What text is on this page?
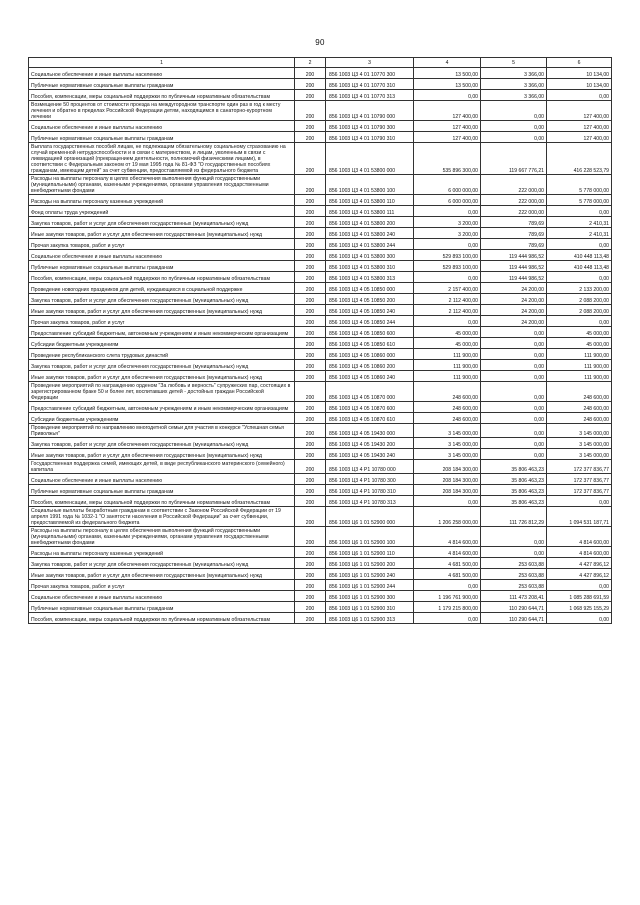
90
1	2	3	4	5	6
Социальное обеспечение и иные выплаты населению	200	856 1003 Ц3 4 01 10770 300	13 500,00	3 366,00	10 134,00
Публичные нормативные социальные выплаты гражданам	200	856 1003 Ц3 4 01 10770 310	13 500,00	3 366,00	10 134,00
Пособия, компенсации, меры социальной поддержки по публичным нормативным обязательствам	200	856 1003 Ц3 4 01 10770 313	0,00	3 366,00	0,00
Возмещение 50 процентов от стоимости проезда на междугородном транспорте один раз в год к месту лечения и обратно в пределах Российской Федерации детям, находящимся в санаторно-курортном лечении	200	856 1003 Ц3 4 01 10790 000	127 400,00	0,00	127 400,00
Социальное обеспечение и иные выплаты населению	200	856 1003 Ц3 4 01 10790 300	127 400,00	0,00	127 400,00
Публичные нормативные социальные выплаты гражданам	200	856 1003 Ц3 4 01 10790 310	127 400,00	0,00	127 400,00
Выплата государственных пособий лицам, не подлежащим обязательному социальному страхованию на случай временной нетрудоспособности и в связи с материнством, и лицам, уволенным в связи с ликвидацией организаций (прекращением деятельности, полномочий физическими лицами), в соответствии с Федеральным законом от 19 мая 1995 года № 81-ФЗ "О государственных пособиях гражданам, имеющим детей" за счет субвенции, предоставляемой из федерального бюджета	200	856 1003 Ц3 4 01 53800 000	535 896 300,00	119 667 776,21	416 228 523,79
Расходы на выплаты персоналу в целях обеспечения выполнения функций государственными (муниципальными) органами, казенными учреждениями, органами управления государственными внебюджетными фондами	200	856 1003 Ц3 4 01 53800 100	6 000 000,00	222 000,00	5 778 000,00
Расходы на выплаты персоналу казенных учреждений	200	856 1003 Ц3 4 01 53800 110	6 000 000,00	222 000,00	5 778 000,00
Фонд оплаты труда учреждений	200	856 1003 Ц3 4 01 53800 111	0,00	222 000,00	0,00
Закупка товаров, работ и услуг для обеспечения государственных (муниципальных) нужд	200	856 1003 Ц3 4 01 53800 200	3 200,00	789,69	2 410,31
Иные закупки товаров, работ и услуг для обеспечения государственных (муниципальных) нужд	200	856 1003 Ц3 4 01 53800 240	3 200,00	789,69	2 410,31
Прочая закупка товаров, работ и услуг	200	856 1003 Ц3 4 01 53800 244	0,00	789,69	0,00
Социальное обеспечение и иные выплаты населению	200	856 1003 Ц3 4 01 53800 300	529 893 100,00	119 444 986,52	410 448 113,48
Публичные нормативные социальные выплаты гражданам	200	856 1003 Ц3 4 01 53800 310	529 893 100,00	119 444 986,52	410 448 113,48
Пособия, компенсации, меры социальной поддержки по публичным нормативным обязательствам	200	856 1003 Ц3 4 01 53800 313	0,00	119 444 986,52	0,00
Проведение новогодних праздников для детей, нуждающихся в социальной поддержке	200	856 1003 Ц3 4 05 10850 000	2 157 400,00	24 200,00	2 133 200,00
Закупка товаров, работ и услуг для обеспечения государственных (муниципальных) нужд	200	856 1003 Ц3 4 05 10850 200	2 112 400,00	24 200,00	2 088 200,00
Иные закупки товаров, работ и услуг для обеспечения государственных (муниципальных) нужд	200	856 1003 Ц3 4 05 10850 240	2 112 400,00	24 200,00	2 088 200,00
Прочая закупка товаров, работ и услуг	200	856 1003 Ц3 4 05 10850 244	0,00	24 200,00	0,00
Предоставление субсидий бюджетным, автономным учреждениям и иным некоммерческим организациям	200	856 1003 Ц3 4 05 10850 600	45 000,00	0,00	45 000,00
Субсидии бюджетным учреждениям	200	856 1003 Ц3 4 05 10850 610	45 000,00	0,00	45 000,00
Проведение республиканского слета трудовых династий	200	856 1003 Ц3 4 05 10860 000	111 900,00	0,00	111 900,00
Закупка товаров, работ и услуг для обеспечения государственных (муниципальных) нужд	200	856 1003 Ц3 4 05 10860 200	111 900,00	0,00	111 900,00
Иные закупки товаров, работ и услуг для обеспечения государственных (муниципальных) нужд	200	856 1003 Ц3 4 05 10860 240	111 900,00	0,00	111 900,00
Проведение мероприятий по награждению орденом "За любовь и верность" супружеских пар, состоящих в зарегистрированном браке 50 и более лет, воспитавших детей - достойных граждан Российской Федерации	200	856 1003 Ц3 4 05 10870 000	248 600,00	0,00	248 600,00
Предоставление субсидий бюджетным, автономным учреждениям и иным некоммерческим организациям	200	856 1003 Ц3 4 05 10870 600	248 600,00	0,00	248 600,00
Субсидии бюджетным учреждениям	200	856 1003 Ц3 4 05 10870 610	248 600,00	0,00	248 600,00
Проведение мероприятий по направлению многодетной семьи для участия в конкурсе "Успешная семья Приволжья"	200	856 1003 Ц3 4 05 19430 000	3 145 000,00	0,00	3 145 000,00
Закупка товаров, работ и услуг для обеспечения государственных (муниципальных) нужд	200	856 1003 Ц3 4 05 19430 200	3 145 000,00	0,00	3 145 000,00
Иные закупки товаров, работ и услуг для обеспечения государственных (муниципальных) нужд	200	856 1003 Ц3 4 05 19430 240	3 145 000,00	0,00	3 145 000,00
Государственная поддержка семей, имеющих детей, в виде республиканского материнского (семейного) капитала	200	856 1003 Ц3 4 P1 10780 000	208 184 300,00	35 806 463,23	172 377 836,77
Социальное обеспечение и иные выплаты населению	200	856 1003 Ц3 4 P1 10780 300	208 184 300,00	35 806 463,23	172 377 836,77
Публичные нормативные социальные выплаты гражданам	200	856 1003 Ц3 4 P1 10780 310	208 184 300,00	35 806 463,23	172 377 836,77
Пособия, компенсации, меры социальной поддержки по публичным нормативным обязательствам	200	856 1003 Ц3 4 P1 10780 313	0,00	35 806 463,23	0,00
Социальные выплаты безработным гражданам в соответствии с Законом Российской Федерации от 19 апреля 1991 года № 1032-1 "О занятости населения в Российской Федерации" за счет субвенции, предоставляемой из федерального бюджета	200	856 1003 Ц6 1 01 52900 000	1 206 258 000,00	111 726 812,29	1 094 531 187,71
Расходы на выплаты персоналу в целях обеспечения выполнения функций государственными (муниципальными) органами, казенными учреждениями, органами управления государственными внебюджетными фондами	200	856 1003 Ц6 1 01 52900 100	4 814 600,00	0,00	4 814 600,00
Расходы на выплаты персоналу казенных учреждений	200	856 1003 Ц6 1 01 52900 110	4 814 600,00	0,00	4 814 600,00
Закупка товаров, работ и услуг для обеспечения государственных (муниципальных) нужд	200	856 1003 Ц6 1 01 52900 200	4 681 500,00	253 603,88	4 427 896,12
Иные закупки товаров, работ и услуг для обеспечения государственных (муниципальных) нужд	200	856 1003 Ц6 1 01 52900 240	4 681 500,00	253 603,88	4 427 896,12
Прочая закупка товаров, работ и услуг	200	856 1003 Ц6 1 01 52900 244	0,00	253 603,88	0,00
Социальное обеспечение и иные выплаты населению	200	856 1003 Ц6 1 01 52900 300	1 196 761 900,00	111 473 208,41	1 085 288 691,59
Публичные нормативные социальные выплаты гражданам	200	856 1003 Ц6 1 01 52900 310	1 179 215 800,00	110 290 644,71	1 068 925 155,29
Пособия, компенсации, меры социальной поддержки по публичным нормативным обязательствам	200	856 1003 Ц6 1 01 52900 313	0,00	110 290 644,71	0,00
